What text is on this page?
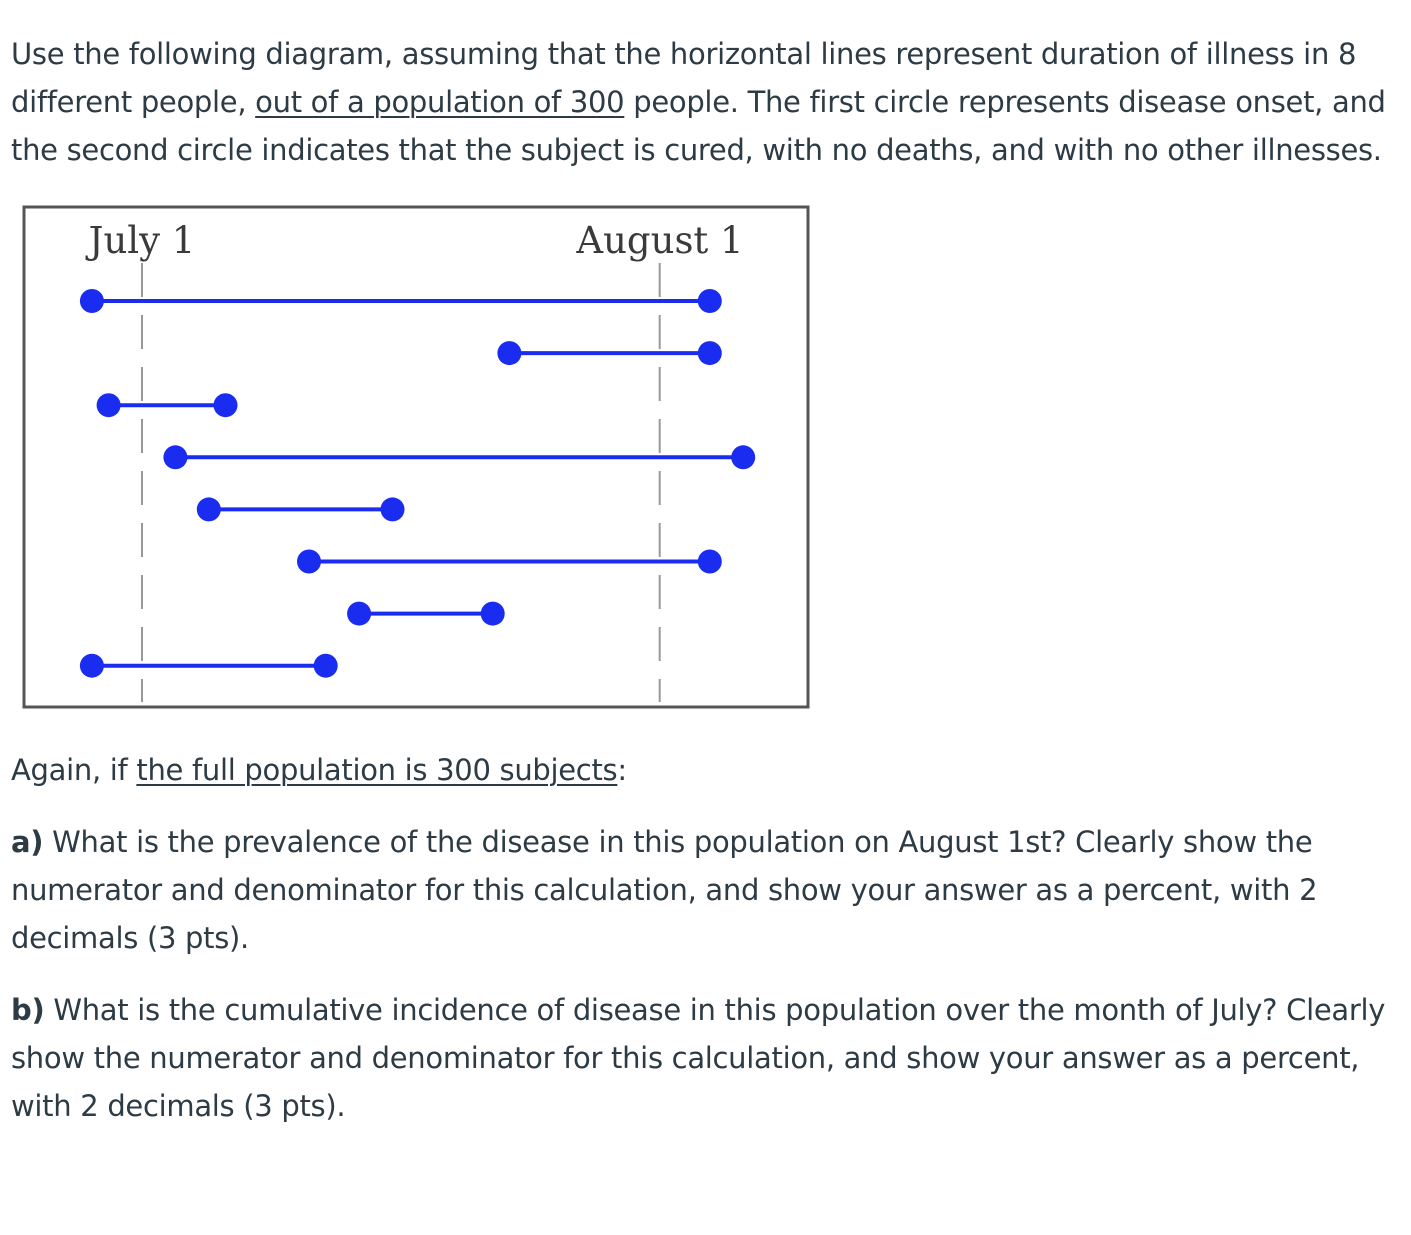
Use the following diagram, assuming that the horizontal lines represent duration of illness in 8 different people, out of a population of 300 people. The first circle represents disease onset, and the second circle indicates that the subject is cured, with no deaths, and with no other illnesses.

July 1	August 1

Again, if the full population is 300 subjects:

a) What is the prevalence of the disease in this population on August 1st? Clearly show the numerator and denominator for this calculation, and show your answer as a percent, with 2 decimals (3 pts).

b) What is the cumulative incidence of disease in this population over the month of July? Clearly show the numerator and denominator for this calculation, and show your answer as a percent, with 2 decimals (3 pts).
